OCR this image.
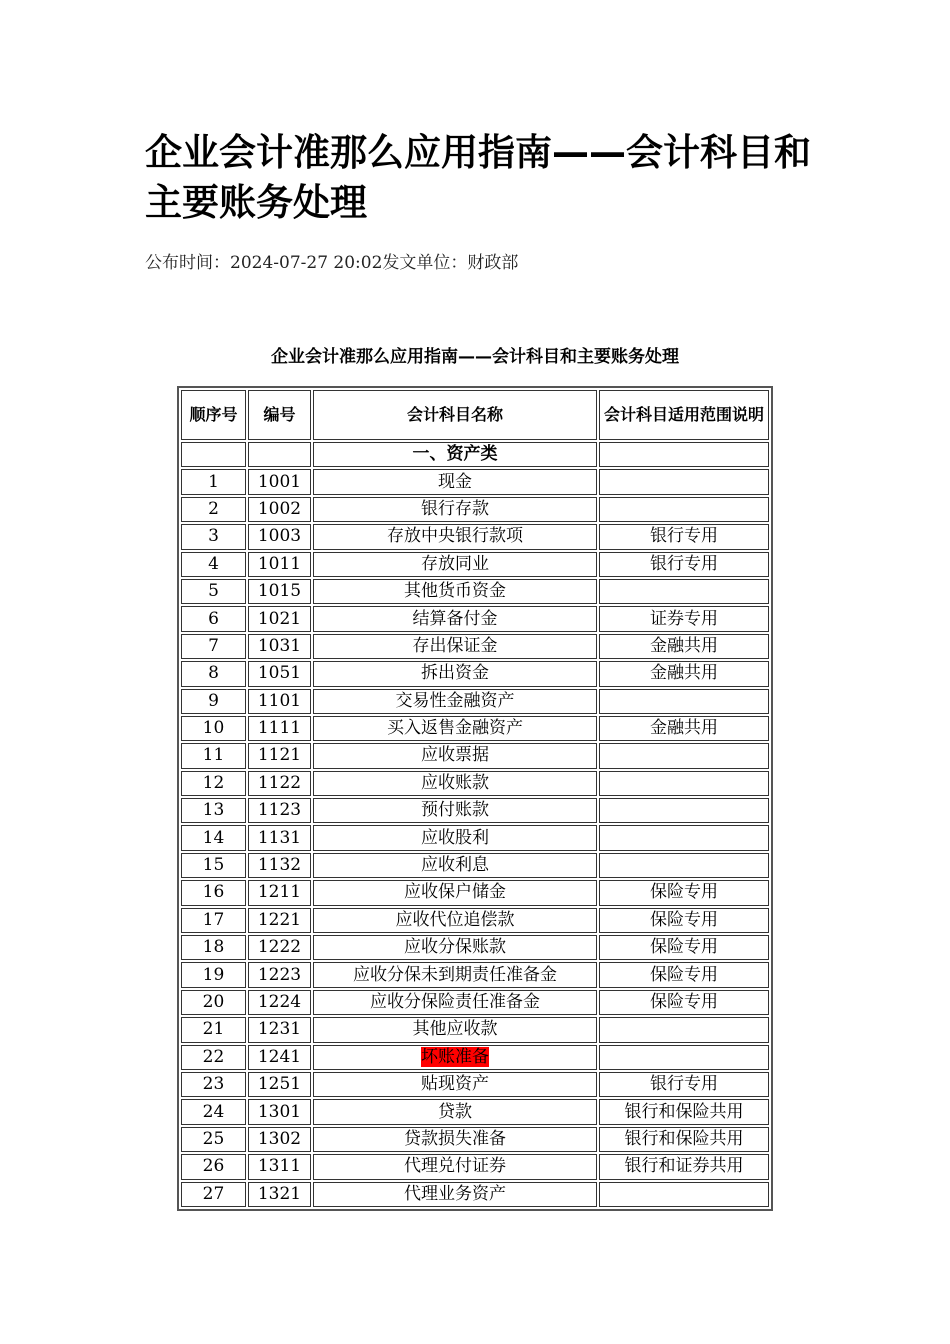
企业会计准那么应用指南——会计科目和主要账务处理
公布时间：2024-07-27 20:02发文单位：财政部
企业会计准那么应用指南——会计科目和主要账务处理
顺序号	编号	会计科目名称	会计科目适用范围说明
		一、资产类	
1	1001	现金	
2	1002	银行存款	
3	1003	存放中央银行款项	银行专用
4	1011	存放同业	银行专用
5	1015	其他货币资金	
6	1021	结算备付金	证券专用
7	1031	存出保证金	金融共用
8	1051	拆出资金	金融共用
9	1101	交易性金融资产	
10	1111	买入返售金融资产	金融共用
11	1121	应收票据	
12	1122	应收账款	
13	1123	预付账款	
14	1131	应收股利	
15	1132	应收利息	
16	1211	应收保户储金	保险专用
17	1221	应收代位追偿款	保险专用
18	1222	应收分保账款	保险专用
19	1223	应收分保未到期责任准备金	保险专用
20	1224	应收分保险责任准备金	保险专用
21	1231	其他应收款	
22	1241	坏账准备	
23	1251	贴现资产	银行专用
24	1301	贷款	银行和保险共用
25	1302	贷款损失准备	银行和保险共用
26	1311	代理兑付证券	银行和证券共用
27	1321	代理业务资产	
